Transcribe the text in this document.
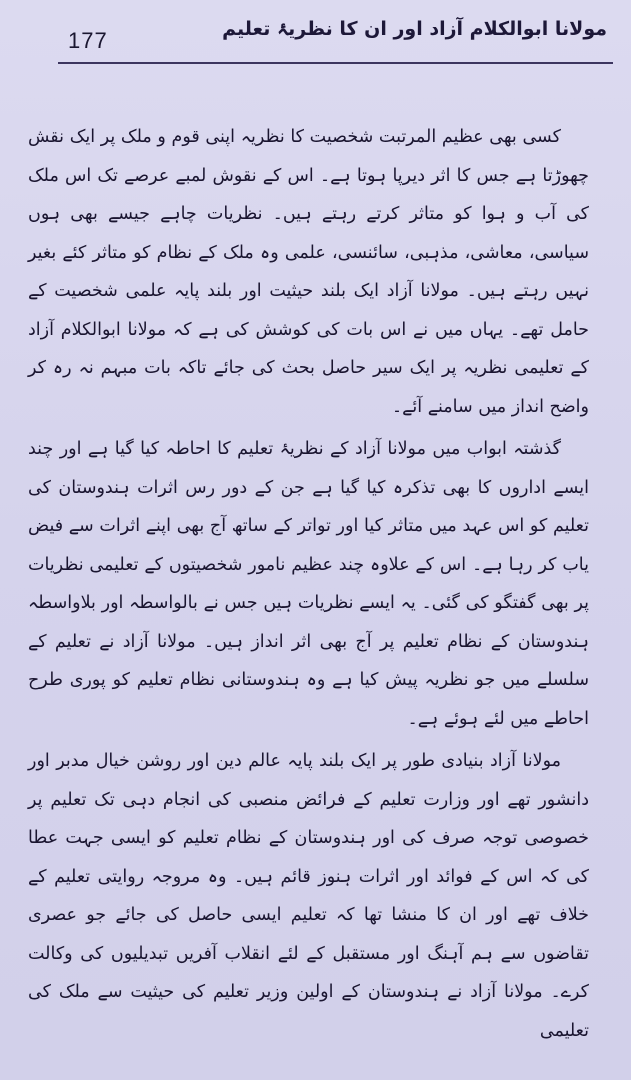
177	مولانا ابوالکلام آزاد اور ان کا نظریۂ تعلیم

کسی بھی عظیم المرتبت شخصیت کا نظریہ اپنی قوم و ملک پر ایک نقش چھوڑتا ہے جس کا اثر دیرپا ہوتا ہے۔ اس کے نقوش لمبے عرصے تک اس ملک کی آب و ہوا کو متاثر کرتے رہتے ہیں۔ نظریات چاہے جیسے بھی ہوں سیاسی، معاشی، مذہبی، سائنسی، علمی وہ ملک کے نظام کو متاثر کئے بغیر نہیں رہتے ہیں۔ مولانا آزاد ایک بلند حیثیت اور بلند پایہ علمی شخصیت کے حامل تھے۔ یہاں میں نے اس بات کی کوشش کی ہے کہ مولانا ابوالکلام آزاد کے تعلیمی نظریہ پر ایک سیر حاصل بحث کی جائے تاکہ بات مبہم نہ رہ کر واضح انداز میں سامنے آئے۔

گذشتہ ابواب میں مولانا آزاد کے نظریۂ تعلیم کا احاطہ کیا گیا ہے اور چند ایسے اداروں کا بھی تذکرہ کیا گیا ہے جن کے دور رس اثرات ہندوستان کی تعلیم کو اس عہد میں متاثر کیا اور تواتر کے ساتھ آج بھی اپنے اثرات سے فیض یاب کر رہا ہے۔ اس کے علاوہ چند عظیم نامور شخصیتوں کے تعلیمی نظریات پر بھی گفتگو کی گئی۔ یہ ایسے نظریات ہیں جس نے بالواسطہ اور بلاواسطہ ہندوستان کے نظام تعلیم پر آج بھی اثر انداز ہیں۔ مولانا آزاد نے تعلیم کے سلسلے میں جو نظریہ پیش کیا ہے وہ ہندوستانی نظام تعلیم کو پوری طرح احاطے میں لئے ہوئے ہے۔

مولانا آزاد بنیادی طور پر ایک بلند پایہ عالم دین اور روشن خیال مدبر اور دانشور تھے اور وزارت تعلیم کے فرائض منصبی کی انجام دہی تک تعلیم پر خصوصی توجہ صرف کی اور ہندوستان کے نظام تعلیم کو ایسی جہت عطا کی کہ اس کے فوائد اور اثرات ہنوز قائم ہیں۔ وہ مروجہ روایتی تعلیم کے خلاف تھے اور ان کا منشا تھا کہ تعلیم ایسی حاصل کی جائے جو عصری تقاضوں سے ہم آہنگ اور مستقبل کے لئے انقلاب آفریں تبدیلیوں کی وکالت کرے۔ مولانا آزاد نے ہندوستان کے اولین وزیر تعلیم کی حیثیت سے ملک کی تعلیمی
